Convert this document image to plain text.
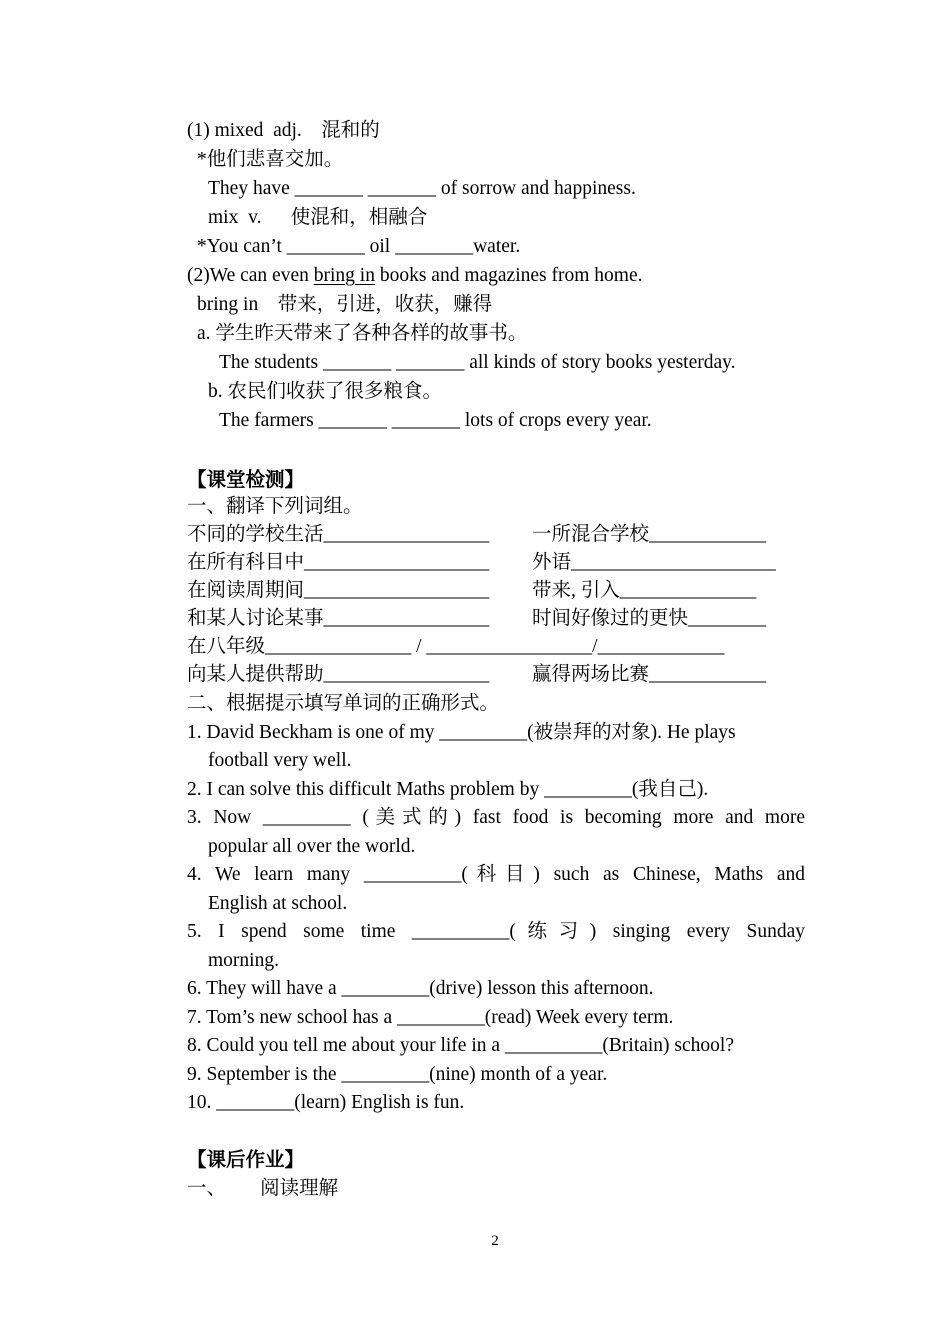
(1) mixed  adj.    混和的
*他们悲喜交加。
They have _______ _______ of sorrow and happiness.
mix  v.      使混和，相融合
*You can’t ________ oil ________water.
(2)We can even bring in books and magazines from home.
bring in    带来，引进，收获，赚得
a. 学生昨天带来了各种各样的故事书。
The students _______ _______ all kinds of story books yesterday.
b. 农民们收获了很多粮食。
The farmers _______ _______ lots of crops every year.
【课堂检测】
一、翻译下列词组。
不同的学校生活_________________ 一所混合学校____________
在所有科目中___________________ 外语_____________________
在阅读周期间___________________ 带来, 引入______________
和某人讨论某事_________________ 时间好像过的更快________
在八年级_______________ / _________________/_____________
向某人提供帮助_________________ 赢得两场比赛____________
二、根据提示填写单词的正确形式。
1. David Beckham is one of my _________(被崇拜的对象). He plays
football very well.
2. I can solve this difficult Maths problem by _________(我自己).
3. Now _________ (美式的) fast food is becoming more and more
popular all over the world.
4. We learn many __________(科目) such as Chinese, Maths and
English at school.
5. I spend some time __________(练习) singing every Sunday
morning.
6. They will have a _________(drive) lesson this afternoon.
7. Tom’s new school has a _________(read) Week every term.
8. Could you tell me about your life in a __________(Britain) school?
9. September is the _________(nine) month of a year.
10. ________(learn) English is fun.
【课后作业】
一、       阅读理解
2
